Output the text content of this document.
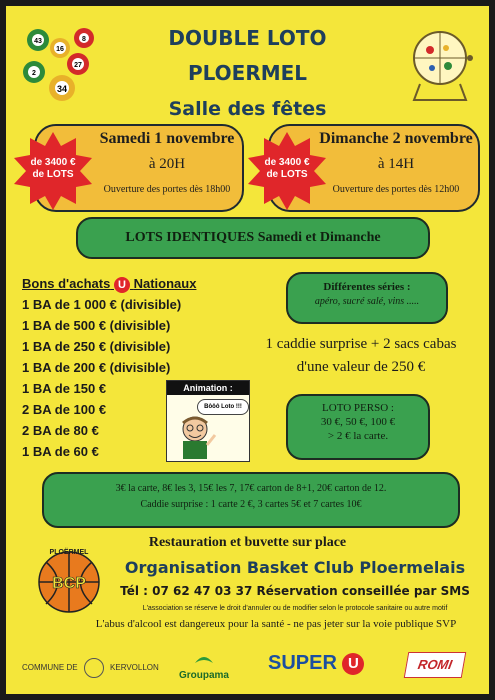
43
16
8
27
2
34
DOUBLE LOTO
PLOERMEL
Salle des fêtes
Samedi 1 novembre
à 20H
Ouverture des portes dès 18h00
de 3400 €
de LOTS
Dimanche 2 novembre
à 14H
Ouverture des portes dès 12h00
de 3400 €
de LOTS
LOTS IDENTIQUES Samedi et Dimanche
Bons d'achats U Nationaux
1 BA de 1 000 € (divisible)
1 BA de 500 € (divisible)
1 BA de 250 € (divisible)
1 BA de 200 € (divisible)
1 BA de 150 €
2 BA de 100 €
2 BA de 80 €
1 BA de 60 €
Différentes séries :
apéro, sucré salé, vins .....
1 caddie surprise + 2 sacs cabas
d'une valeur de 250 €
Animation :
Bôôô Loto !!!	LOTO PERSO :
30 €, 50 €, 100 €
> 2 € la carte.
3€ la carte, 8€ les 3, 15€ les 7, 17€ carton de 8+1, 20€ carton de 12.
Caddie surprise : 1 carte 2 €, 3 cartes 5€ et 7 cartes 10€
Restauration et buvette sur place
PLOËRMEL
BCP
Organisation Basket Club Ploermelais
Tél : 07 62 47 03 37 Réservation conseillée par SMS
L'association se réserve le droit d'annuler ou de modifier selon le protocole sanitaire ou autre motif
L'abus d'alcool est dangereux pour la santé - ne pas jeter sur la voie publique SVP
COMMUNE DE	KERVOLLON
Groupama
SUPER U	ROMI
